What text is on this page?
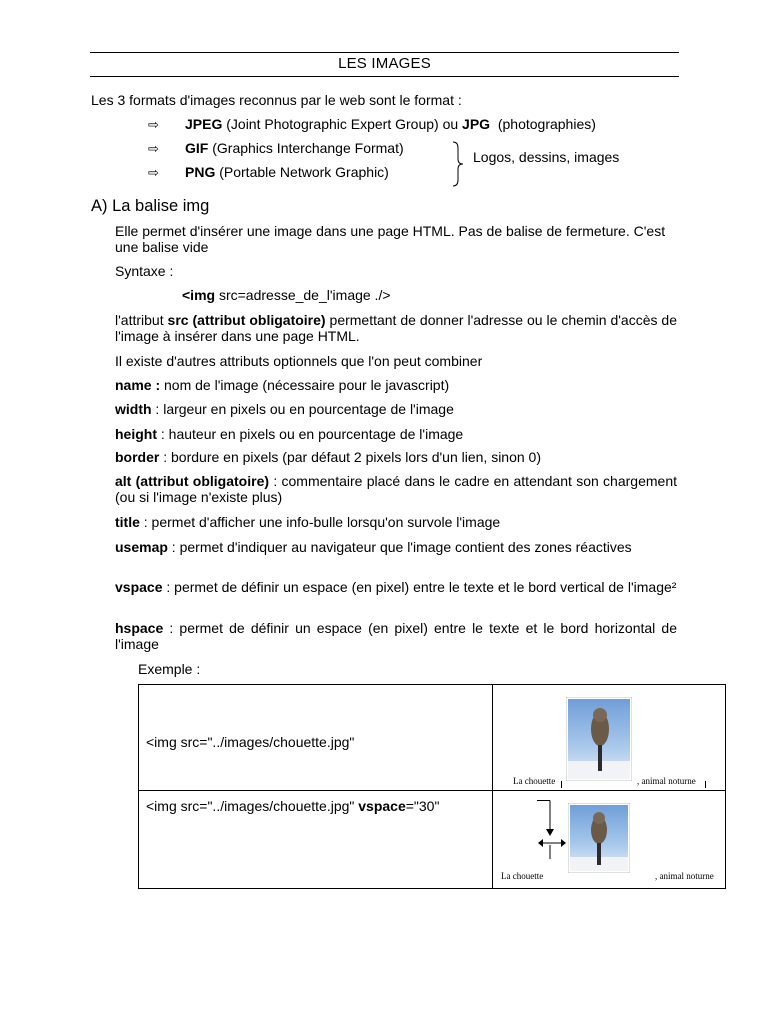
LES IMAGES
Les 3 formats d'images reconnus par le web sont le format :
⇨ JPEG (Joint Photographic Expert Group) ou JPG (photographies)
⇨ GIF (Graphics Interchange Format)
⇨ PNG (Portable Network Graphic)
Logos, dessins, images
A) La balise img
Elle permet d'insérer une image dans une page HTML. Pas de balise de fermeture. C'est une balise vide
Syntaxe :
<img src=adresse_de_l'image ./>
l'attribut src (attribut obligatoire) permettant de donner l'adresse ou le chemin d'accès de l'image à insérer dans une page HTML.
Il existe d'autres attributs optionnels que l'on peut combiner
name : nom de l'image (nécessaire pour le javascript)
width : largeur en pixels ou en pourcentage de l'image
height : hauteur en pixels ou en pourcentage de l'image
border : bordure en pixels (par défaut 2 pixels lors d'un lien, sinon 0)
alt (attribut obligatoire) : commentaire placé dans le cadre en attendant son chargement (ou si l'image n'existe plus)
title : permet d'afficher une info-bulle lorsqu'on survole l'image
usemap : permet d'indiquer au navigateur que l'image contient des zones réactives
vspace : permet de définir un espace (en pixel) entre le texte et le bord vertical de l'image²
hspace : permet de définir un espace (en pixel) entre le texte et le bord horizontal de l'image
Exemple :
<img src="../images/chouette.jpg"
<img src="../images/chouette.jpg" vspace="30"
La chouette	, animal noturne
La chouette	, animal noturne
